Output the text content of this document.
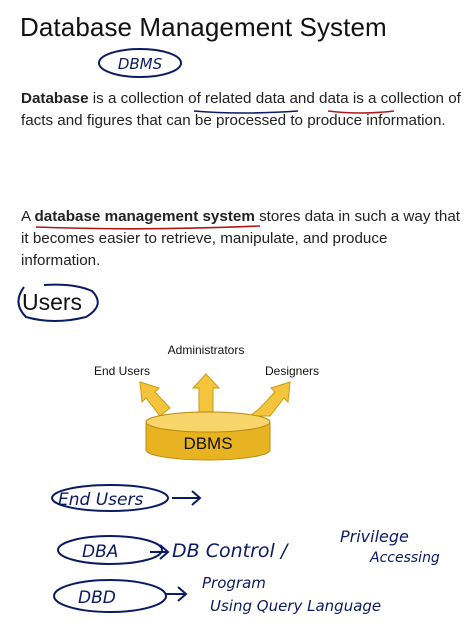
Database Management System
DBMS
Database is a collection of related data and data is a collection of facts and figures that can be processed to produce information.
A database management system stores data in such a way that it becomes easier to retrieve, manipulate, and produce information.
Users
Administrators
End Users	Designers
DBMS
End Users
DBA	DB Control /
Privilege
Accessing
DBD
Program
Using Query Language
